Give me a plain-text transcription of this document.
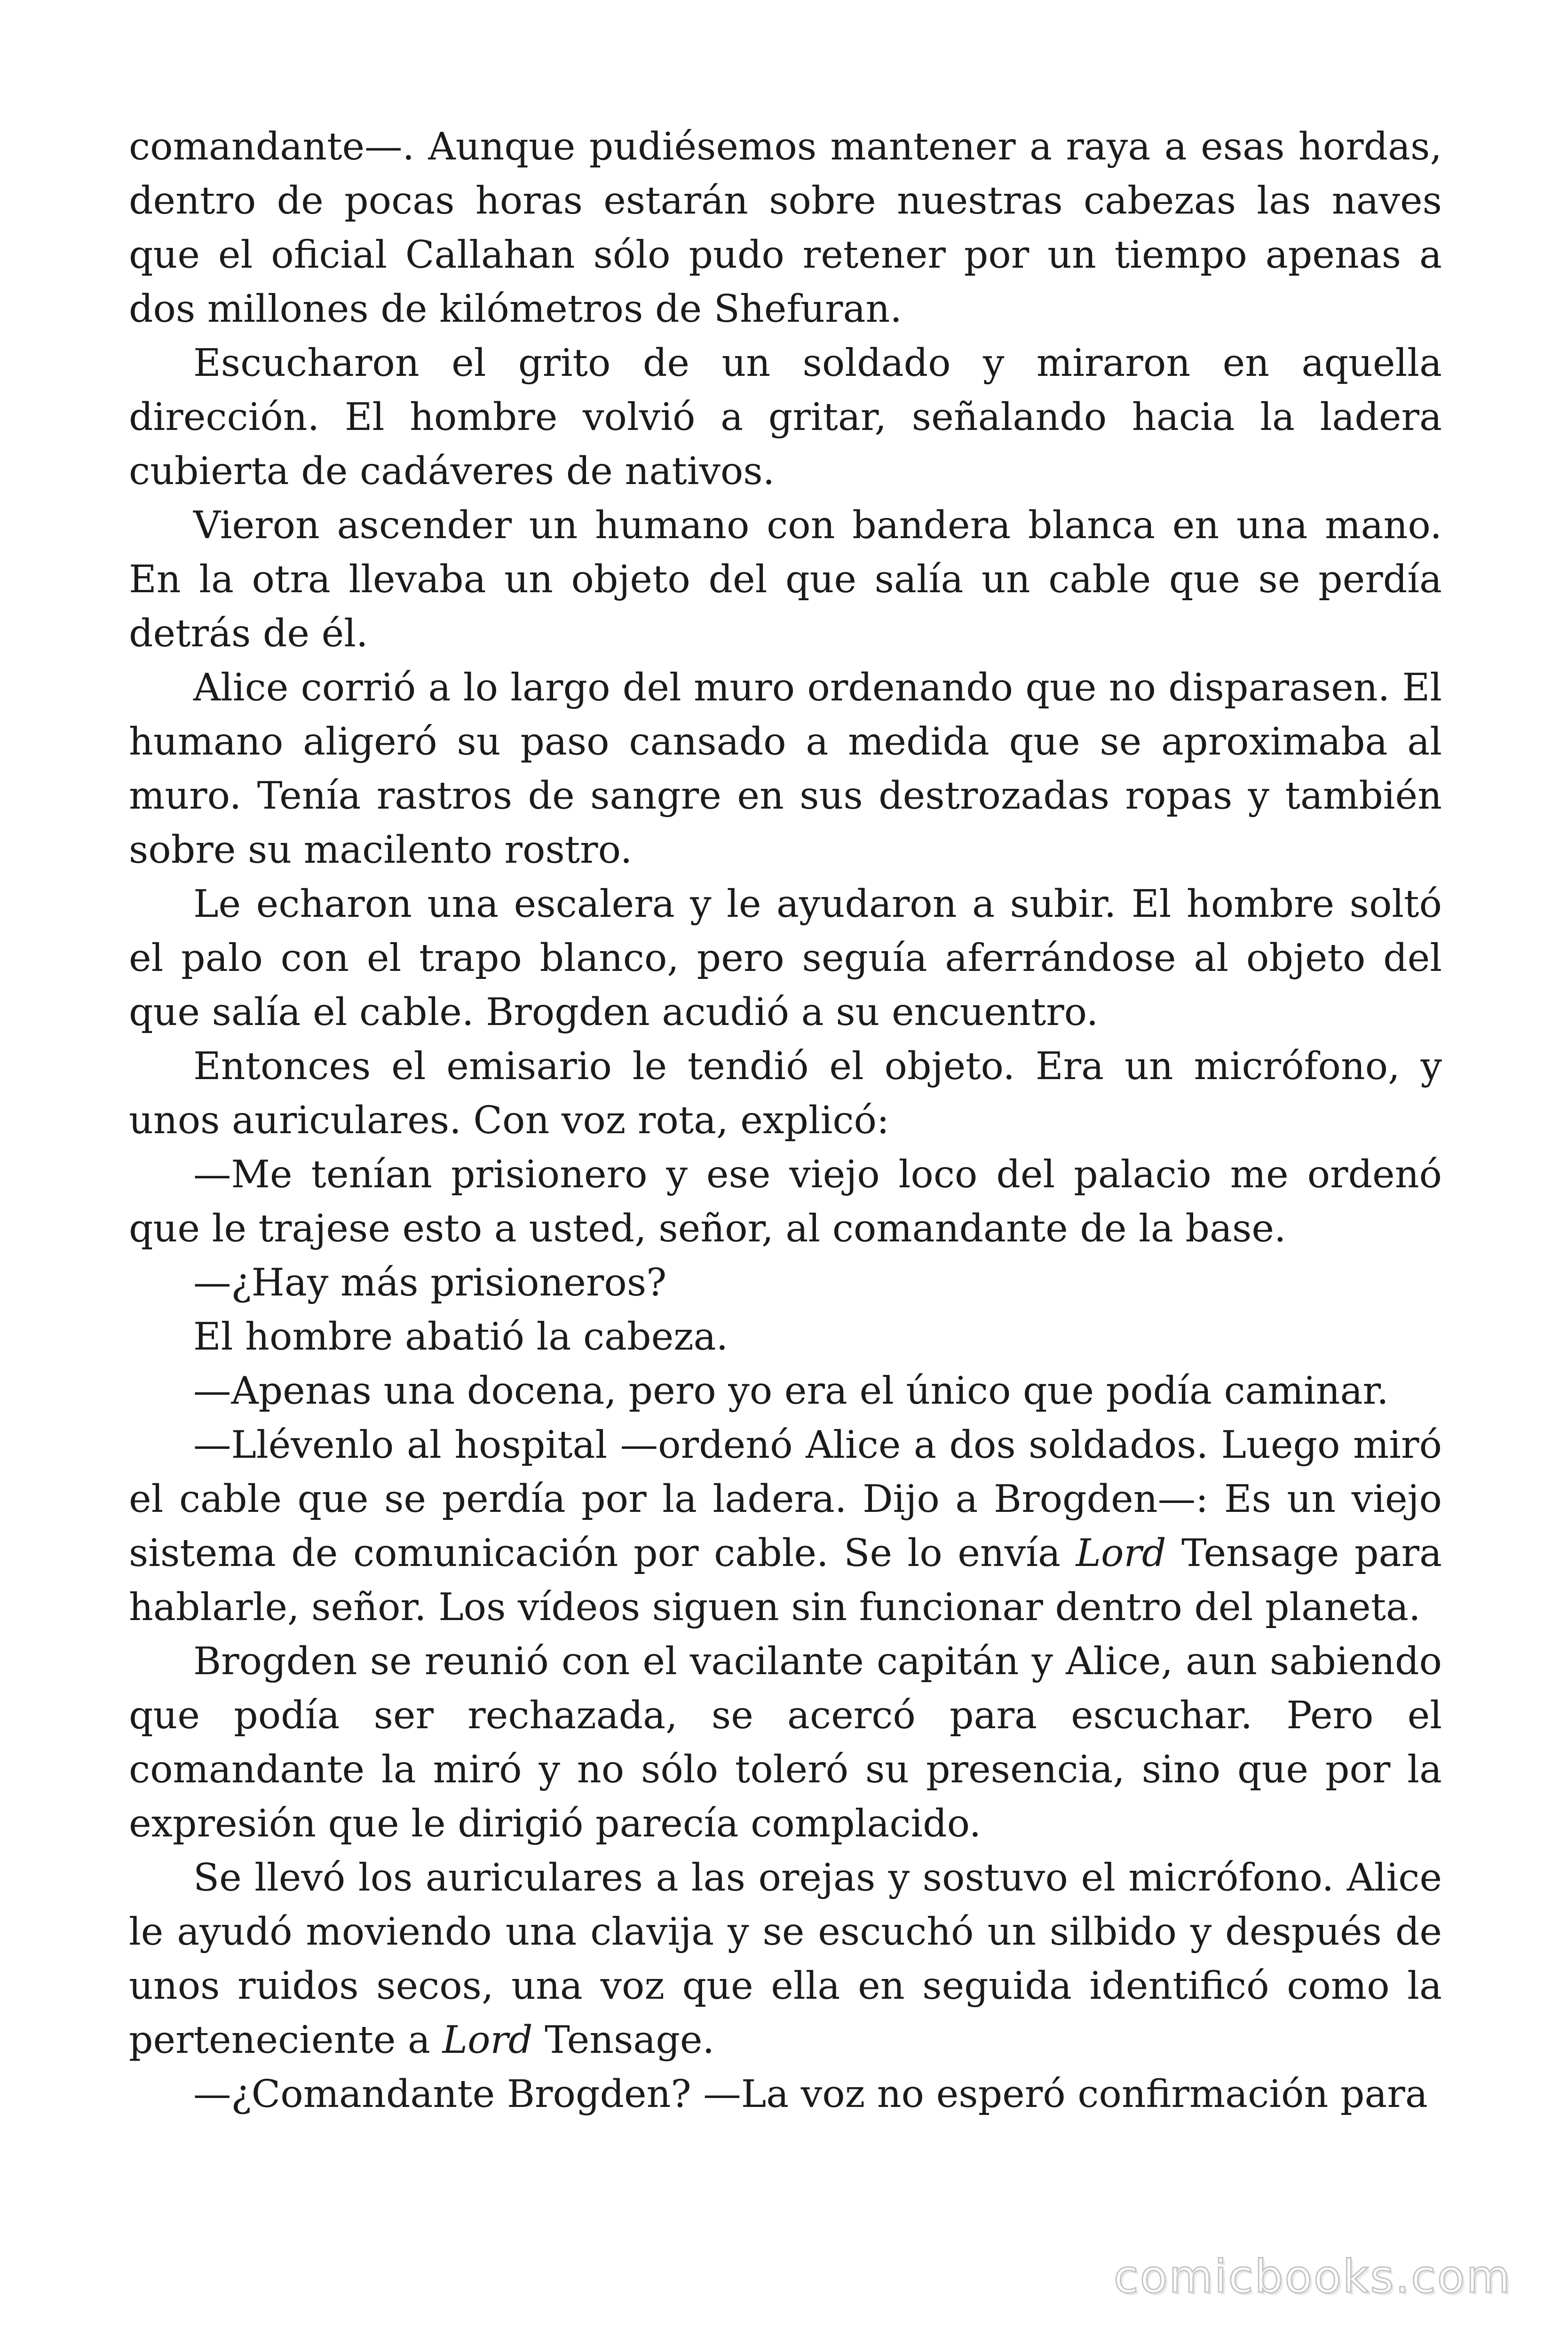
comandante—. Aunque pudiésemos mantener a raya a esas hordas, dentro de pocas horas estarán sobre nuestras cabezas las naves que el oficial Callahan sólo pudo retener por un tiempo apenas a dos millones de kilómetros de Shefuran.

Escucharon el grito de un soldado y miraron en aquella dirección. El hombre volvió a gritar, señalando hacia la ladera cubierta de cadáveres de nativos.

Vieron ascender un humano con bandera blanca en una mano. En la otra llevaba un objeto del que salía un cable que se perdía detrás de él.

Alice corrió a lo largo del muro ordenando que no disparasen. El humano aligeró su paso cansado a medida que se aproximaba al muro. Tenía rastros de sangre en sus destrozadas ropas y también sobre su macilento rostro.

Le echaron una escalera y le ayudaron a subir. El hombre soltó el palo con el trapo blanco, pero seguía aferrándose al objeto del que salía el cable. Brogden acudió a su encuentro.

Entonces el emisario le tendió el objeto. Era un micrófono, y unos auriculares. Con voz rota, explicó:

—Me tenían prisionero y ese viejo loco del palacio me ordenó que le trajese esto a usted, señor, al comandante de la base.

—¿Hay más prisioneros?

El hombre abatió la cabeza.

—Apenas una docena, pero yo era el único que podía caminar.

—Llévenlo al hospital —ordenó Alice a dos soldados. Luego miró el cable que se perdía por la ladera. Dijo a Brogden—: Es un viejo sistema de comunicación por cable. Se lo envía Lord Tensage para hablarle, señor. Los vídeos siguen sin funcionar dentro del planeta.

Brogden se reunió con el vacilante capitán y Alice, aun sabiendo que podía ser rechazada, se acercó para escuchar. Pero el comandante la miró y no sólo toleró su presencia, sino que por la expresión que le dirigió parecía complacido.

Se llevó los auriculares a las orejas y sostuvo el micrófono. Alice le ayudó moviendo una clavija y se escuchó un silbido y después de unos ruidos secos, una voz que ella en seguida identificó como la perteneciente a Lord Tensage.

—¿Comandante Brogden? —La voz no esperó confirmación para

comicbooks.com
